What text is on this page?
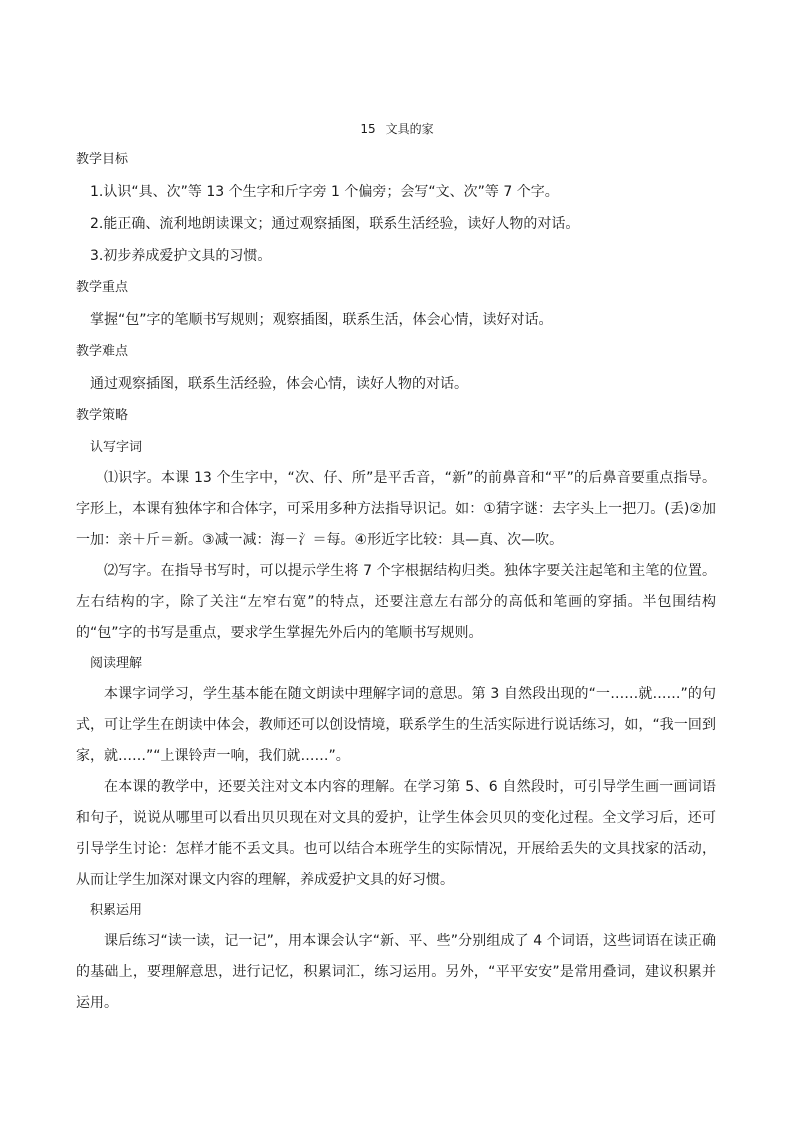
15 文具的家
教学目标

1.认识“具、次”等 13 个生字和斤字旁 1 个偏旁；会写“文、次”等 7 个字。

2.能正确、流利地朗读课文；通过观察插图，联系生活经验，读好人物的对话。

3.初步养成爱护文具的习惯。

教学重点

掌握“包”字的笔顺书写规则；观察插图，联系生活，体会心情，读好对话。

教学难点

通过观察插图，联系生活经验，体会心情，读好人物的对话。

教学策略
认写字词

⑴识字。本课 13 个生字中，“次、仔、所”是平舌音，“新”的前鼻音和“平”的后鼻音要重点指导。字形上，本课有独体字和合体字，可采用多种方法指导识记。如：①猜字谜：去字头上一把刀。(丢)②加一加：亲＋斤＝新。③减一减：海－氵＝每。④形近字比较：具—真、次—吹。

⑵写字。在指导书写时，可以提示学生将 7 个字根据结构归类。独体字要关注起笔和主笔的位置。左右结构的字，除了关注“左窄右宽”的特点，还要注意左右部分的高低和笔画的穿插。半包围结构的“包”字的书写是重点，要求学生掌握先外后内的笔顺书写规则。

阅读理解

本课字词学习，学生基本能在随文朗读中理解字词的意思。第 3 自然段出现的“一……就……”的句式，可让学生在朗读中体会，教师还可以创设情境，联系学生的生活实际进行说话练习，如，“我一回到家，就……”“上课铃声一响，我们就……”。

在本课的教学中，还要关注对文本内容的理解。在学习第 5、6 自然段时，可引导学生画一画词语和句子，说说从哪里可以看出贝贝现在对文具的爱护，让学生体会贝贝的变化过程。全文学习后，还可引导学生讨论：怎样才能不丢文具。也可以结合本班学生的实际情况，开展给丢失的文具找家的活动，从而让学生加深对课文内容的理解，养成爱护文具的好习惯。

积累运用

课后练习“读一读，记一记”，用本课会认字“新、平、些”分别组成了 4 个词语，这些词语在读正确的基础上，要理解意思，进行记忆，积累词汇，练习运用。另外，“平平安安”是常用叠词，建议积累并运用。
